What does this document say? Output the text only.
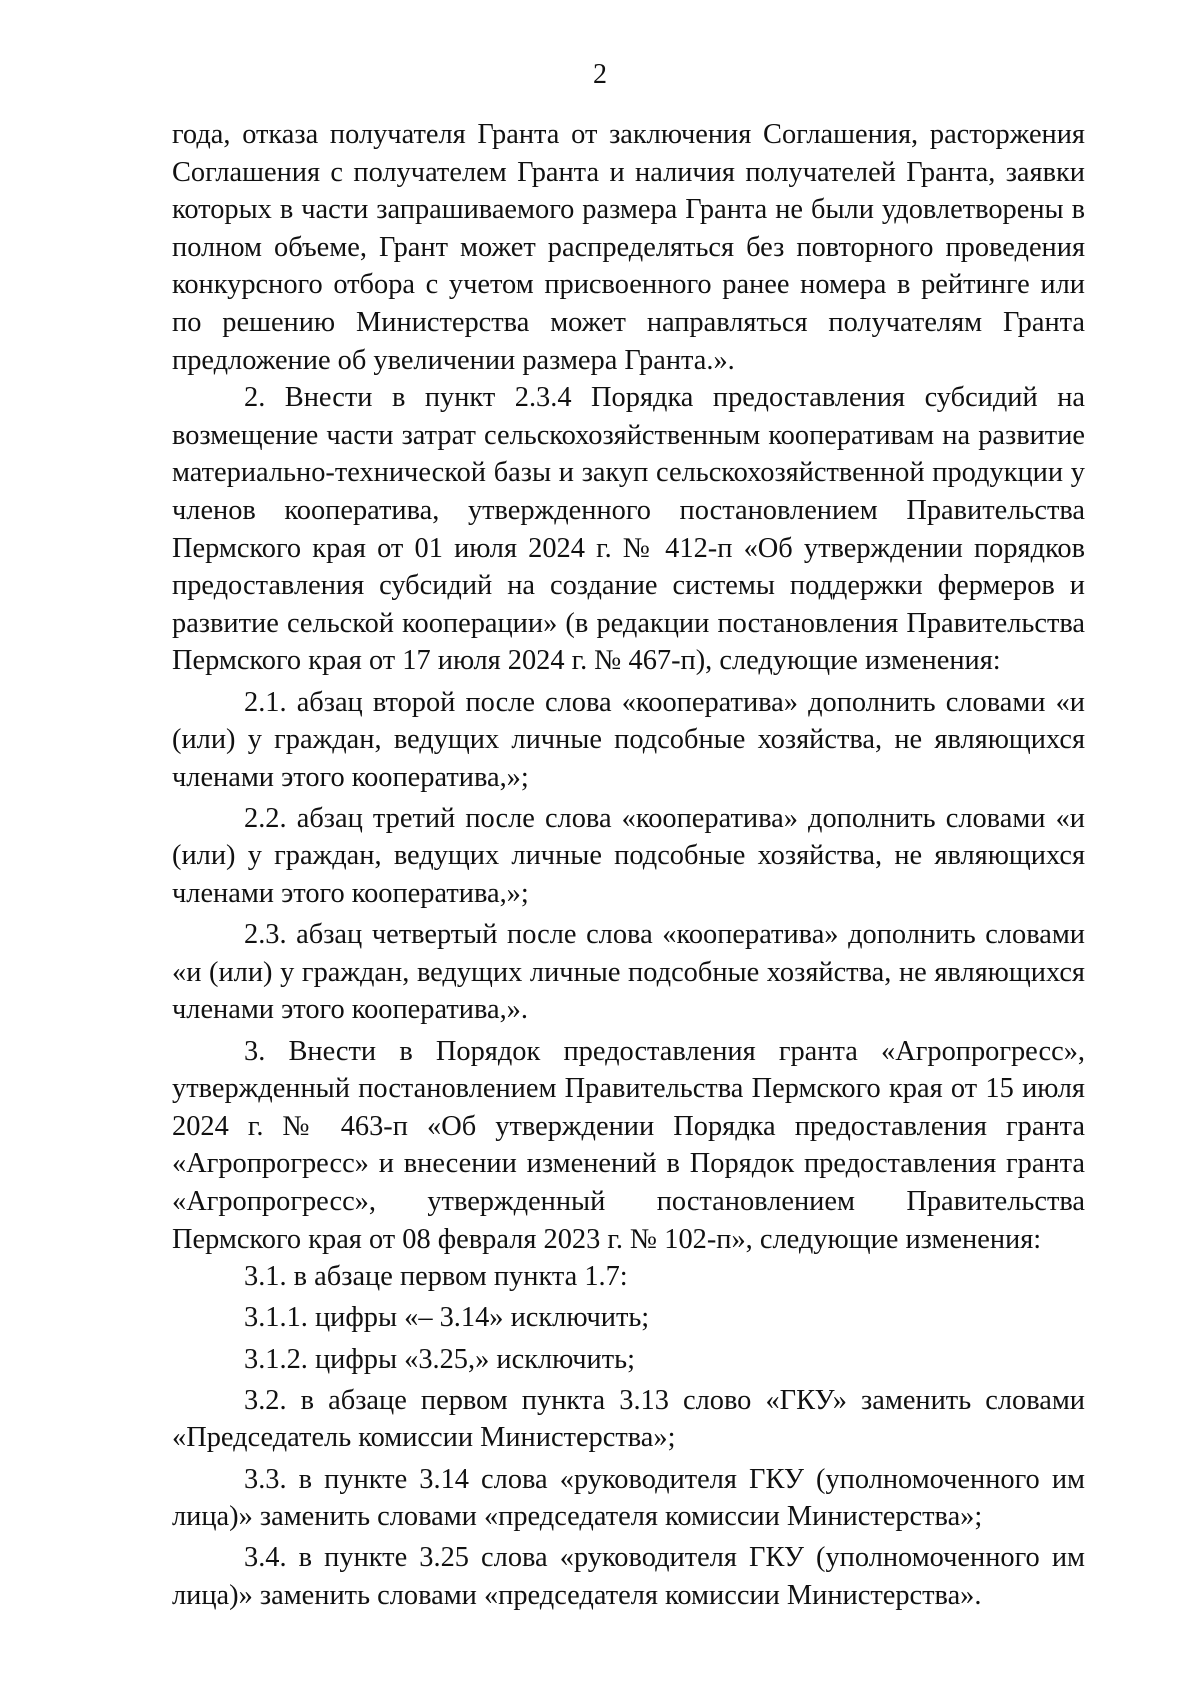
2

года, отказа получателя Гранта от заключения Соглашения, расторжения Соглашения с получателем Гранта и наличия получателей Гранта, заявки которых в части запрашиваемого размера Гранта не были удовлетворены в полном объеме, Грант может распределяться без повторного проведения конкурсного отбора с учетом присвоенного ранее номера в рейтинге или по решению Министерства может направляться получателям Гранта предложение об увеличении размера Гранта.».

2. Внести в пункт 2.3.4 Порядка предоставления субсидий на возмещение части затрат сельскохозяйственным кооперативам на развитие материально-технической базы и закуп сельскохозяйственной продукции у членов кооператива, утвержденного постановлением Правительства Пермского края от 01 июля 2024 г. № 412-п «Об утверждении порядков предоставления субсидий на создание системы поддержки фермеров и развитие сельской кооперации» (в редакции постановления Правительства Пермского края от 17 июля 2024 г. № 467-п), следующие изменения:

2.1. абзац второй после слова «кооператива» дополнить словами «и (или) у граждан, ведущих личные подсобные хозяйства, не являющихся членами этого кооператива,»;

2.2. абзац третий после слова «кооператива» дополнить словами «и (или) у граждан, ведущих личные подсобные хозяйства, не являющихся членами этого кооператива,»;

2.3. абзац четвертый после слова «кооператива» дополнить словами «и (или) у граждан, ведущих личные подсобные хозяйства, не являющихся членами этого кооператива,».

3. Внести в Порядок предоставления гранта «Агропрогресс», утвержденный постановлением Правительства Пермского края от 15 июля 2024 г. № 463-п «Об утверждении Порядка предоставления гранта «Агропрогресс» и внесении изменений в Порядок предоставления гранта «Агропрогресс», утвержденный постановлением Правительства Пермского края от 08 февраля 2023 г. № 102-п», следующие изменения:

3.1. в абзаце первом пункта 1.7:

3.1.1. цифры «– 3.14» исключить;

3.1.2. цифры «3.25,» исключить;

3.2. в абзаце первом пункта 3.13 слово «ГКУ» заменить словами «Председатель комиссии Министерства»;

3.3. в пункте 3.14 слова «руководителя ГКУ (уполномоченного им лица)» заменить словами «председателя комиссии Министерства»;

3.4. в пункте 3.25 слова «руководителя ГКУ (уполномоченного им лица)» заменить словами «председателя комиссии Министерства».
